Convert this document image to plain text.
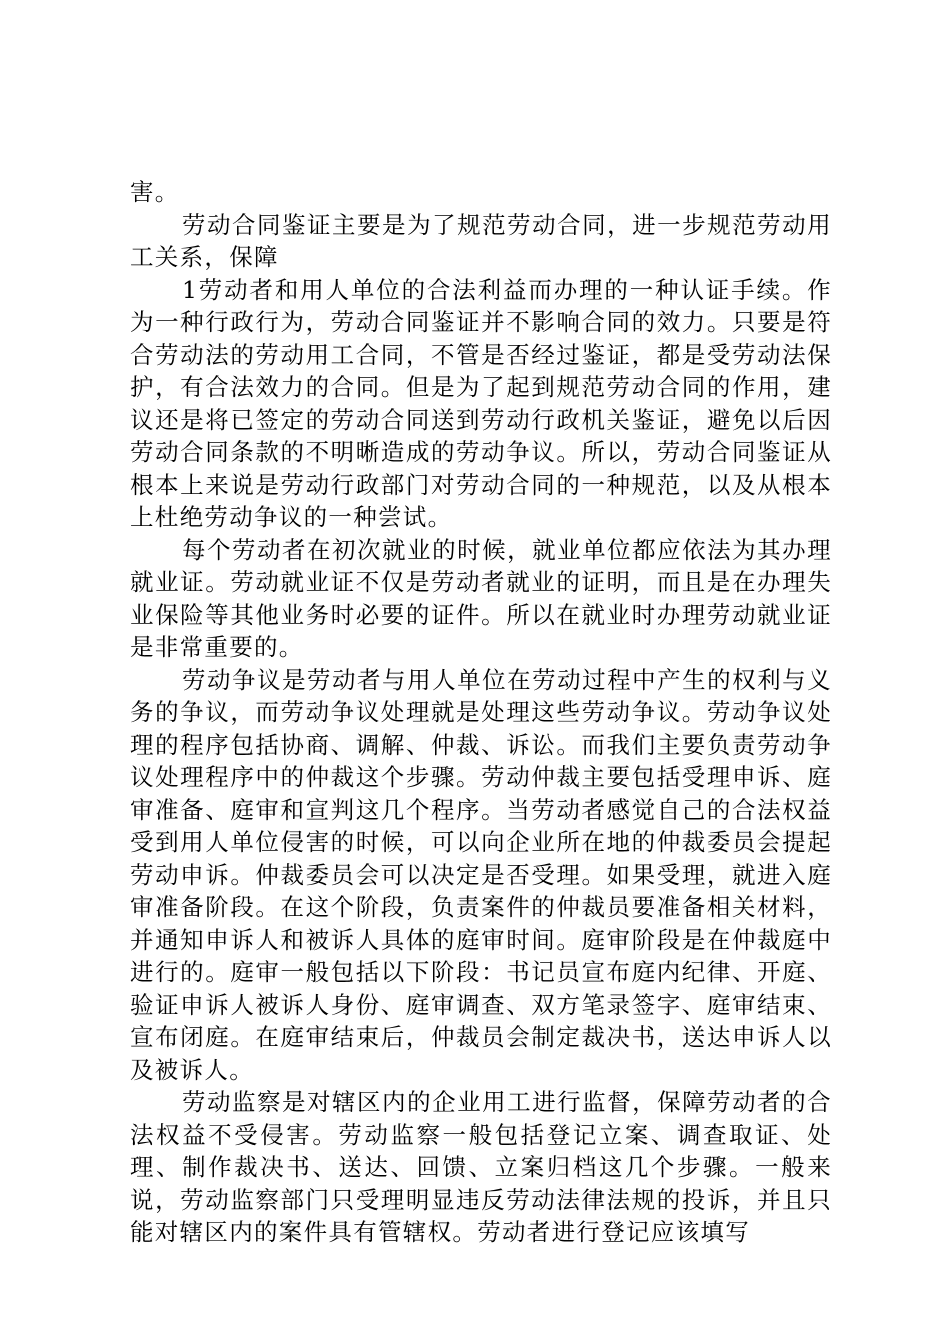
害。

劳动合同鉴证主要是为了规范劳动合同，进一步规范劳动用工关系，保障

1劳动者和用人单位的合法利益而办理的一种认证手续。作为一种行政行为，劳动合同鉴证并不影响合同的效力。只要是符合劳动法的劳动用工合同，不管是否经过鉴证，都是受劳动法保护，有合法效力的合同。但是为了起到规范劳动合同的作用，建议还是将已签定的劳动合同送到劳动行政机关鉴证，避免以后因劳动合同条款的不明晰造成的劳动争议。所以，劳动合同鉴证从根本上来说是劳动行政部门对劳动合同的一种规范，以及从根本上杜绝劳动争议的一种尝试。

每个劳动者在初次就业的时候，就业单位都应依法为其办理就业证。劳动就业证不仅是劳动者就业的证明，而且是在办理失业保险等其他业务时必要的证件。所以在就业时办理劳动就业证是非常重要的。

劳动争议是劳动者与用人单位在劳动过程中产生的权利与义务的争议，而劳动争议处理就是处理这些劳动争议。劳动争议处理的程序包括协商、调解、仲裁、诉讼。而我们主要负责劳动争议处理程序中的仲裁这个步骤。劳动仲裁主要包括受理申诉、庭审准备、庭审和宣判这几个程序。当劳动者感觉自己的合法权益受到用人单位侵害的时候，可以向企业所在地的仲裁委员会提起劳动申诉。仲裁委员会可以决定是否受理。如果受理，就进入庭审准备阶段。在这个阶段，负责案件的仲裁员要准备相关材料，并通知申诉人和被诉人具体的庭审时间。庭审阶段是在仲裁庭中进行的。庭审一般包括以下阶段：书记员宣布庭内纪律、开庭、验证申诉人被诉人身份、庭审调查、双方笔录签字、庭审结束、宣布闭庭。在庭审结束后，仲裁员会制定裁决书，送达申诉人以及被诉人。

劳动监察是对辖区内的企业用工进行监督，保障劳动者的合法权益不受侵害。劳动监察一般包括登记立案、调查取证、处理、制作裁决书、送达、回馈、立案归档这几个步骤。一般来说，劳动监察部门只受理明显违反劳动法律法规的投诉，并且只能对辖区内的案件具有管辖权。劳动者进行登记应该填写
